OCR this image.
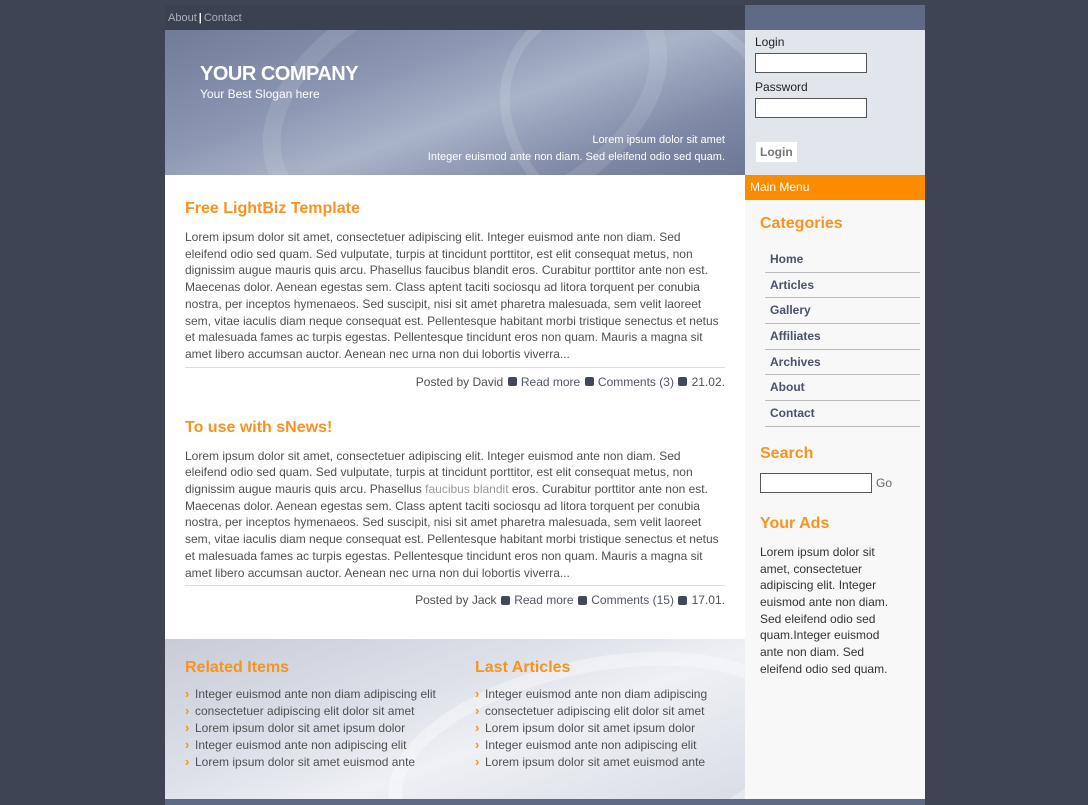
About | Contact
YOUR COMPANY
Your Best Slogan here
Lorem ipsum dolor sit amet
Integer euismod ante non diam. Sed eleifend odio sed quam.
Login
Password
Login
Free LightBiz Template

Lorem ipsum dolor sit amet, consectetuer adipiscing elit. Integer euismod ante non diam. Sed eleifend odio sed quam. Sed vulputate, turpis at tincidunt porttitor, est elit consequat metus, non dignissim augue mauris quis arcu. Phasellus faucibus blandit eros. Curabitur porttitor ante non est. Maecenas dolor. Aenean egestas sem. Class aptent taciti sociosqu ad litora torquent per conubia nostra, per inceptos hymenaeos. Sed suscipit, nisi sit amet pharetra malesuada, sem velit laoreet sem, vitae iaculis diam neque consequat est. Pellentesque habitant morbi tristique senectus et netus et malesuada fames ac turpis egestas. Pellentesque tincidunt eros non quam. Mauris a magna sit amet libero accumsan auctor. Aenean nec urna non dui lobortis viverra...

Posted by David Read more Comments (3) 21.02.
To use with sNews!

Lorem ipsum dolor sit amet, consectetuer adipiscing elit. Integer euismod ante non diam. Sed eleifend odio sed quam. Sed vulputate, turpis at tincidunt porttitor, est elit consequat metus, non dignissim augue mauris quis arcu. Phasellus faucibus blandit eros. Curabitur porttitor ante non est. Maecenas dolor. Aenean egestas sem. Class aptent taciti sociosqu ad litora torquent per conubia nostra, per inceptos hymenaeos. Sed suscipit, nisi sit amet pharetra malesuada, sem velit laoreet sem, vitae iaculis diam neque consequat est. Pellentesque habitant morbi tristique senectus et netus et malesuada fames ac turpis egestas. Pellentesque tincidunt eros non quam. Mauris a magna sit amet libero accumsan auctor. Aenean nec urna non dui lobortis viverra...

Posted by Jack Read more Comments (15) 17.01.
Related Items
› Integer euismod ante non diam adipiscing elit
› consectetuer adipiscing elit dolor sit amet
› Lorem ipsum dolor sit amet ipsum dolor
› Integer euismod ante non adipiscing elit
› Lorem ipsum dolor sit amet euismod ante
Last Articles
› Integer euismod ante non diam adipiscing
› consectetuer adipiscing elit dolor sit amet
› Lorem ipsum dolor sit amet ipsum dolor
› Integer euismod ante non adipiscing elit
› Lorem ipsum dolor sit amet euismod ante
Main Menu
Categories
Home
Articles
Gallery
Affiliates
Archives
About
Contact
Search
Go
Your Ads
Lorem ipsum dolor sit amet, consectetuer adipiscing elit. Integer euismod ante non diam. Sed eleifend odio sed quam.Integer euismod ante non diam. Sed eleifend odio sed quam.
